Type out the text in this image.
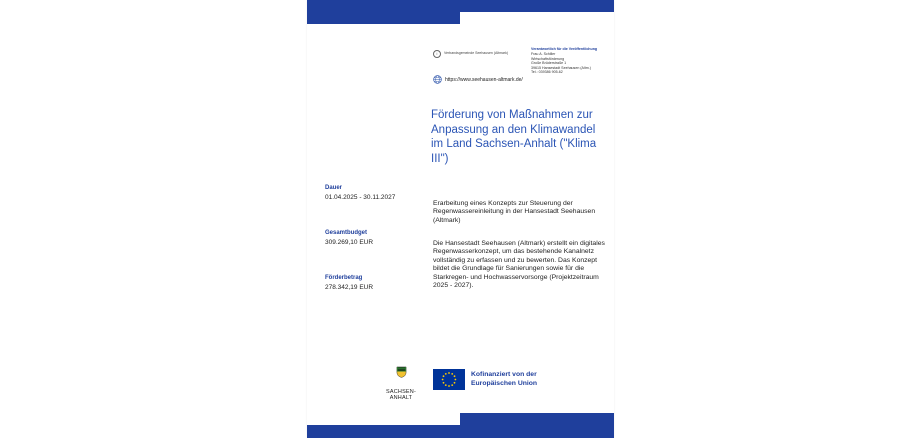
i	Verbandsgemeinde Seehausen (Altmark)
https://www.seehausen-altmark.de/
Verantwortlich für die Veröffentlichung
Frau A. Schiller
Wirtschaftsförderung
Große Brüderstraße 1
39615 Hansestadt Seehausen (Altm.)
Tel.: 039386 905-62
Förderung von Maßnahmen zur Anpassung an den Klimawandel im Land Sachsen-Anhalt ("Klima III")
Dauer
01.04.2025 - 30.11.2027
Gesamtbudget
309.269,10 EUR
Förderbetrag
278.342,19 EUR
Erarbeitung eines Konzepts zur Steuerung der Regenwassereinleitung in der Hansestadt Seehausen (Altmark)
Die Hansestadt Seehausen (Altmark) erstellt ein digitales Regenwasserkonzept, um das bestehende Kanalnetz vollständig zu erfassen und zu bewerten. Das Konzept bildet die Grundlage für Sanierungen sowie für die Starkregen- und Hochwasservorsorge (Projektzeitraum 2025 - 2027).
SACHSEN-ANHALT
Kofinanziert von der
Europäischen Union
